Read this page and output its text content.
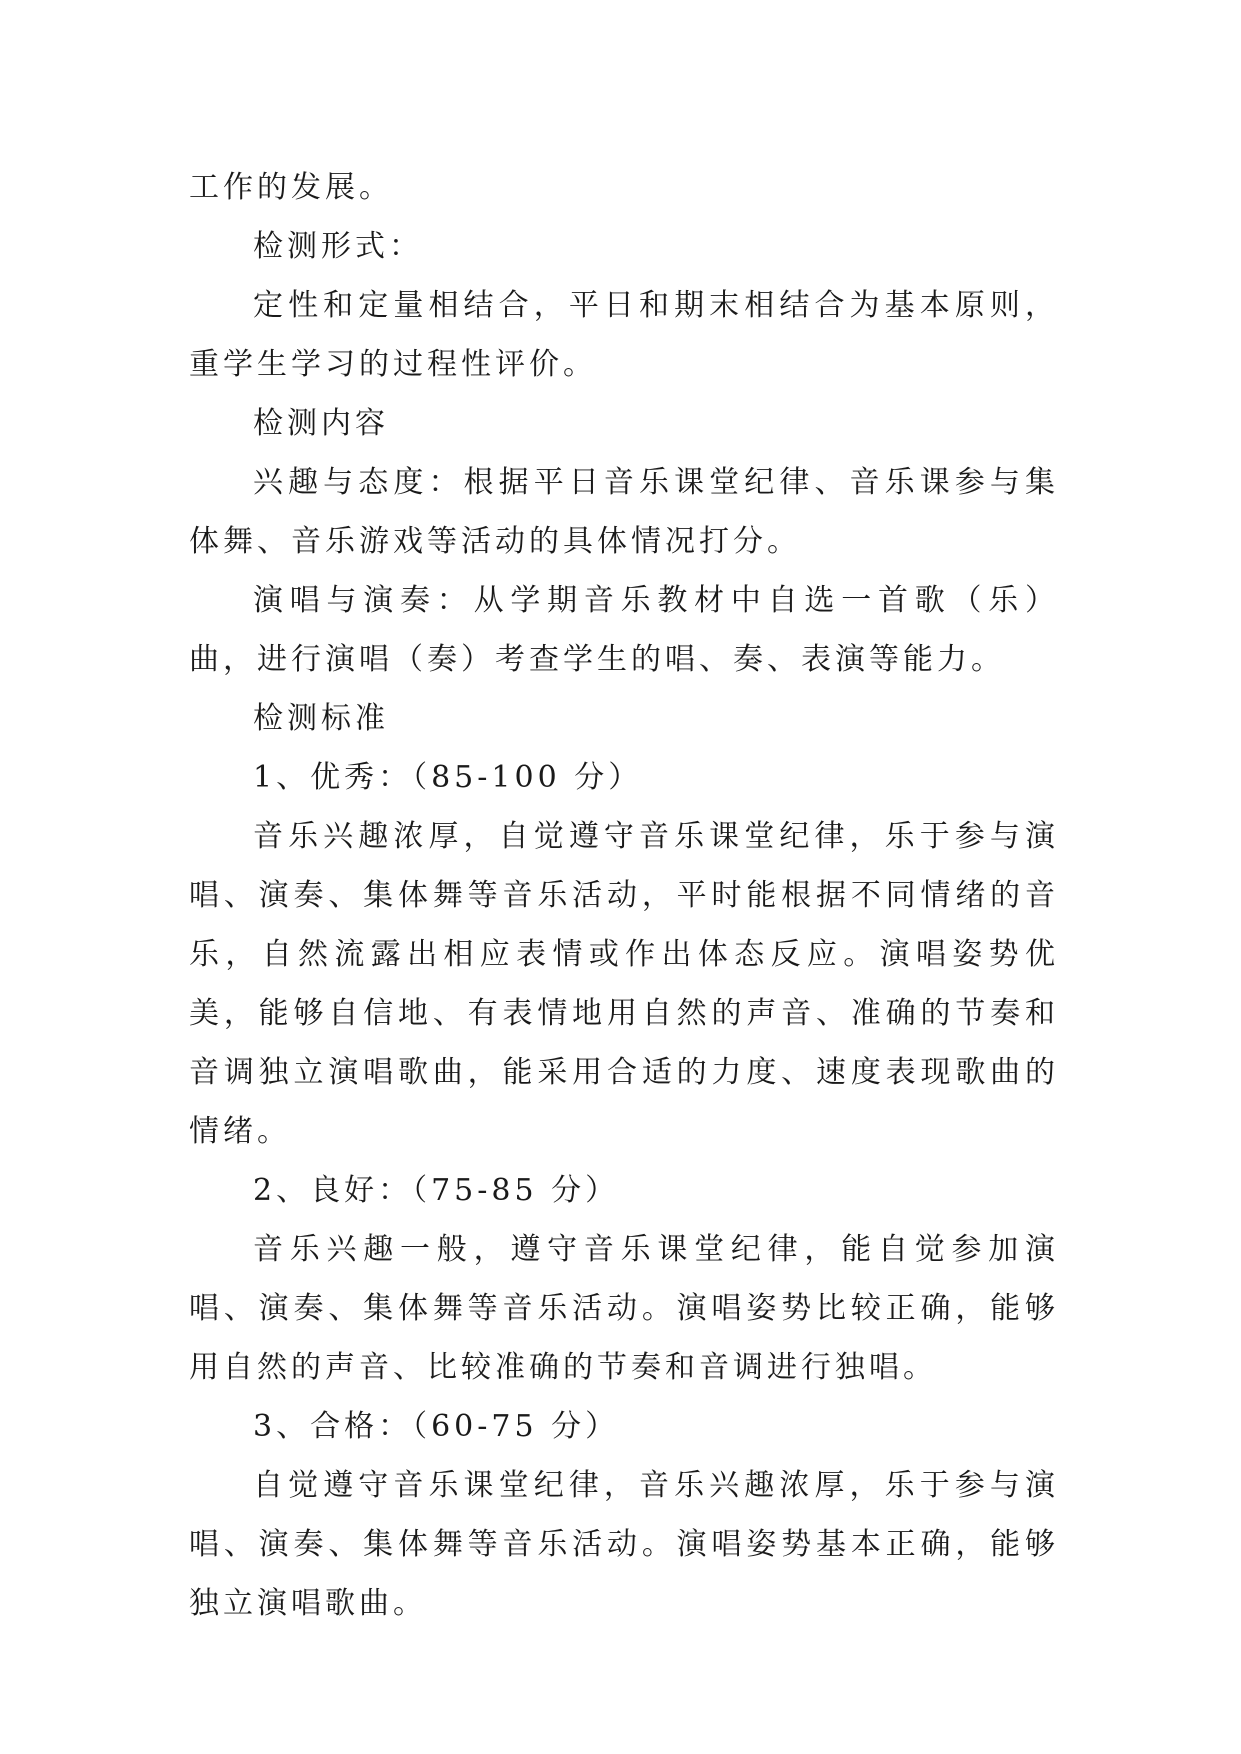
工作的发展。

检测形式：

定性和定量相结合，平日和期末相结合为基本原则，重学生学习的过程性评价。

检测内容

兴趣与态度：根据平日音乐课堂纪律、音乐课参与集体舞、音乐游戏等活动的具体情况打分。

演唱与演奏：从学期音乐教材中自选一首歌（乐）曲，进行演唱（奏）考查学生的唱、奏、表演等能力。

检测标准

1、优秀：（85-100 分）

音乐兴趣浓厚，自觉遵守音乐课堂纪律，乐于参与演唱、演奏、集体舞等音乐活动，平时能根据不同情绪的音乐，自然流露出相应表情或作出体态反应。演唱姿势优美，能够自信地、有表情地用自然的声音、准确的节奏和音调独立演唱歌曲，能采用合适的力度、速度表现歌曲的情绪。

2、良好：（75-85 分）

音乐兴趣一般，遵守音乐课堂纪律，能自觉参加演唱、演奏、集体舞等音乐活动。演唱姿势比较正确，能够用自然的声音、比较准确的节奏和音调进行独唱。

3、合格：（60-75 分）

自觉遵守音乐课堂纪律，音乐兴趣浓厚，乐于参与演唱、演奏、集体舞等音乐活动。演唱姿势基本正确，能够独立演唱歌曲。
